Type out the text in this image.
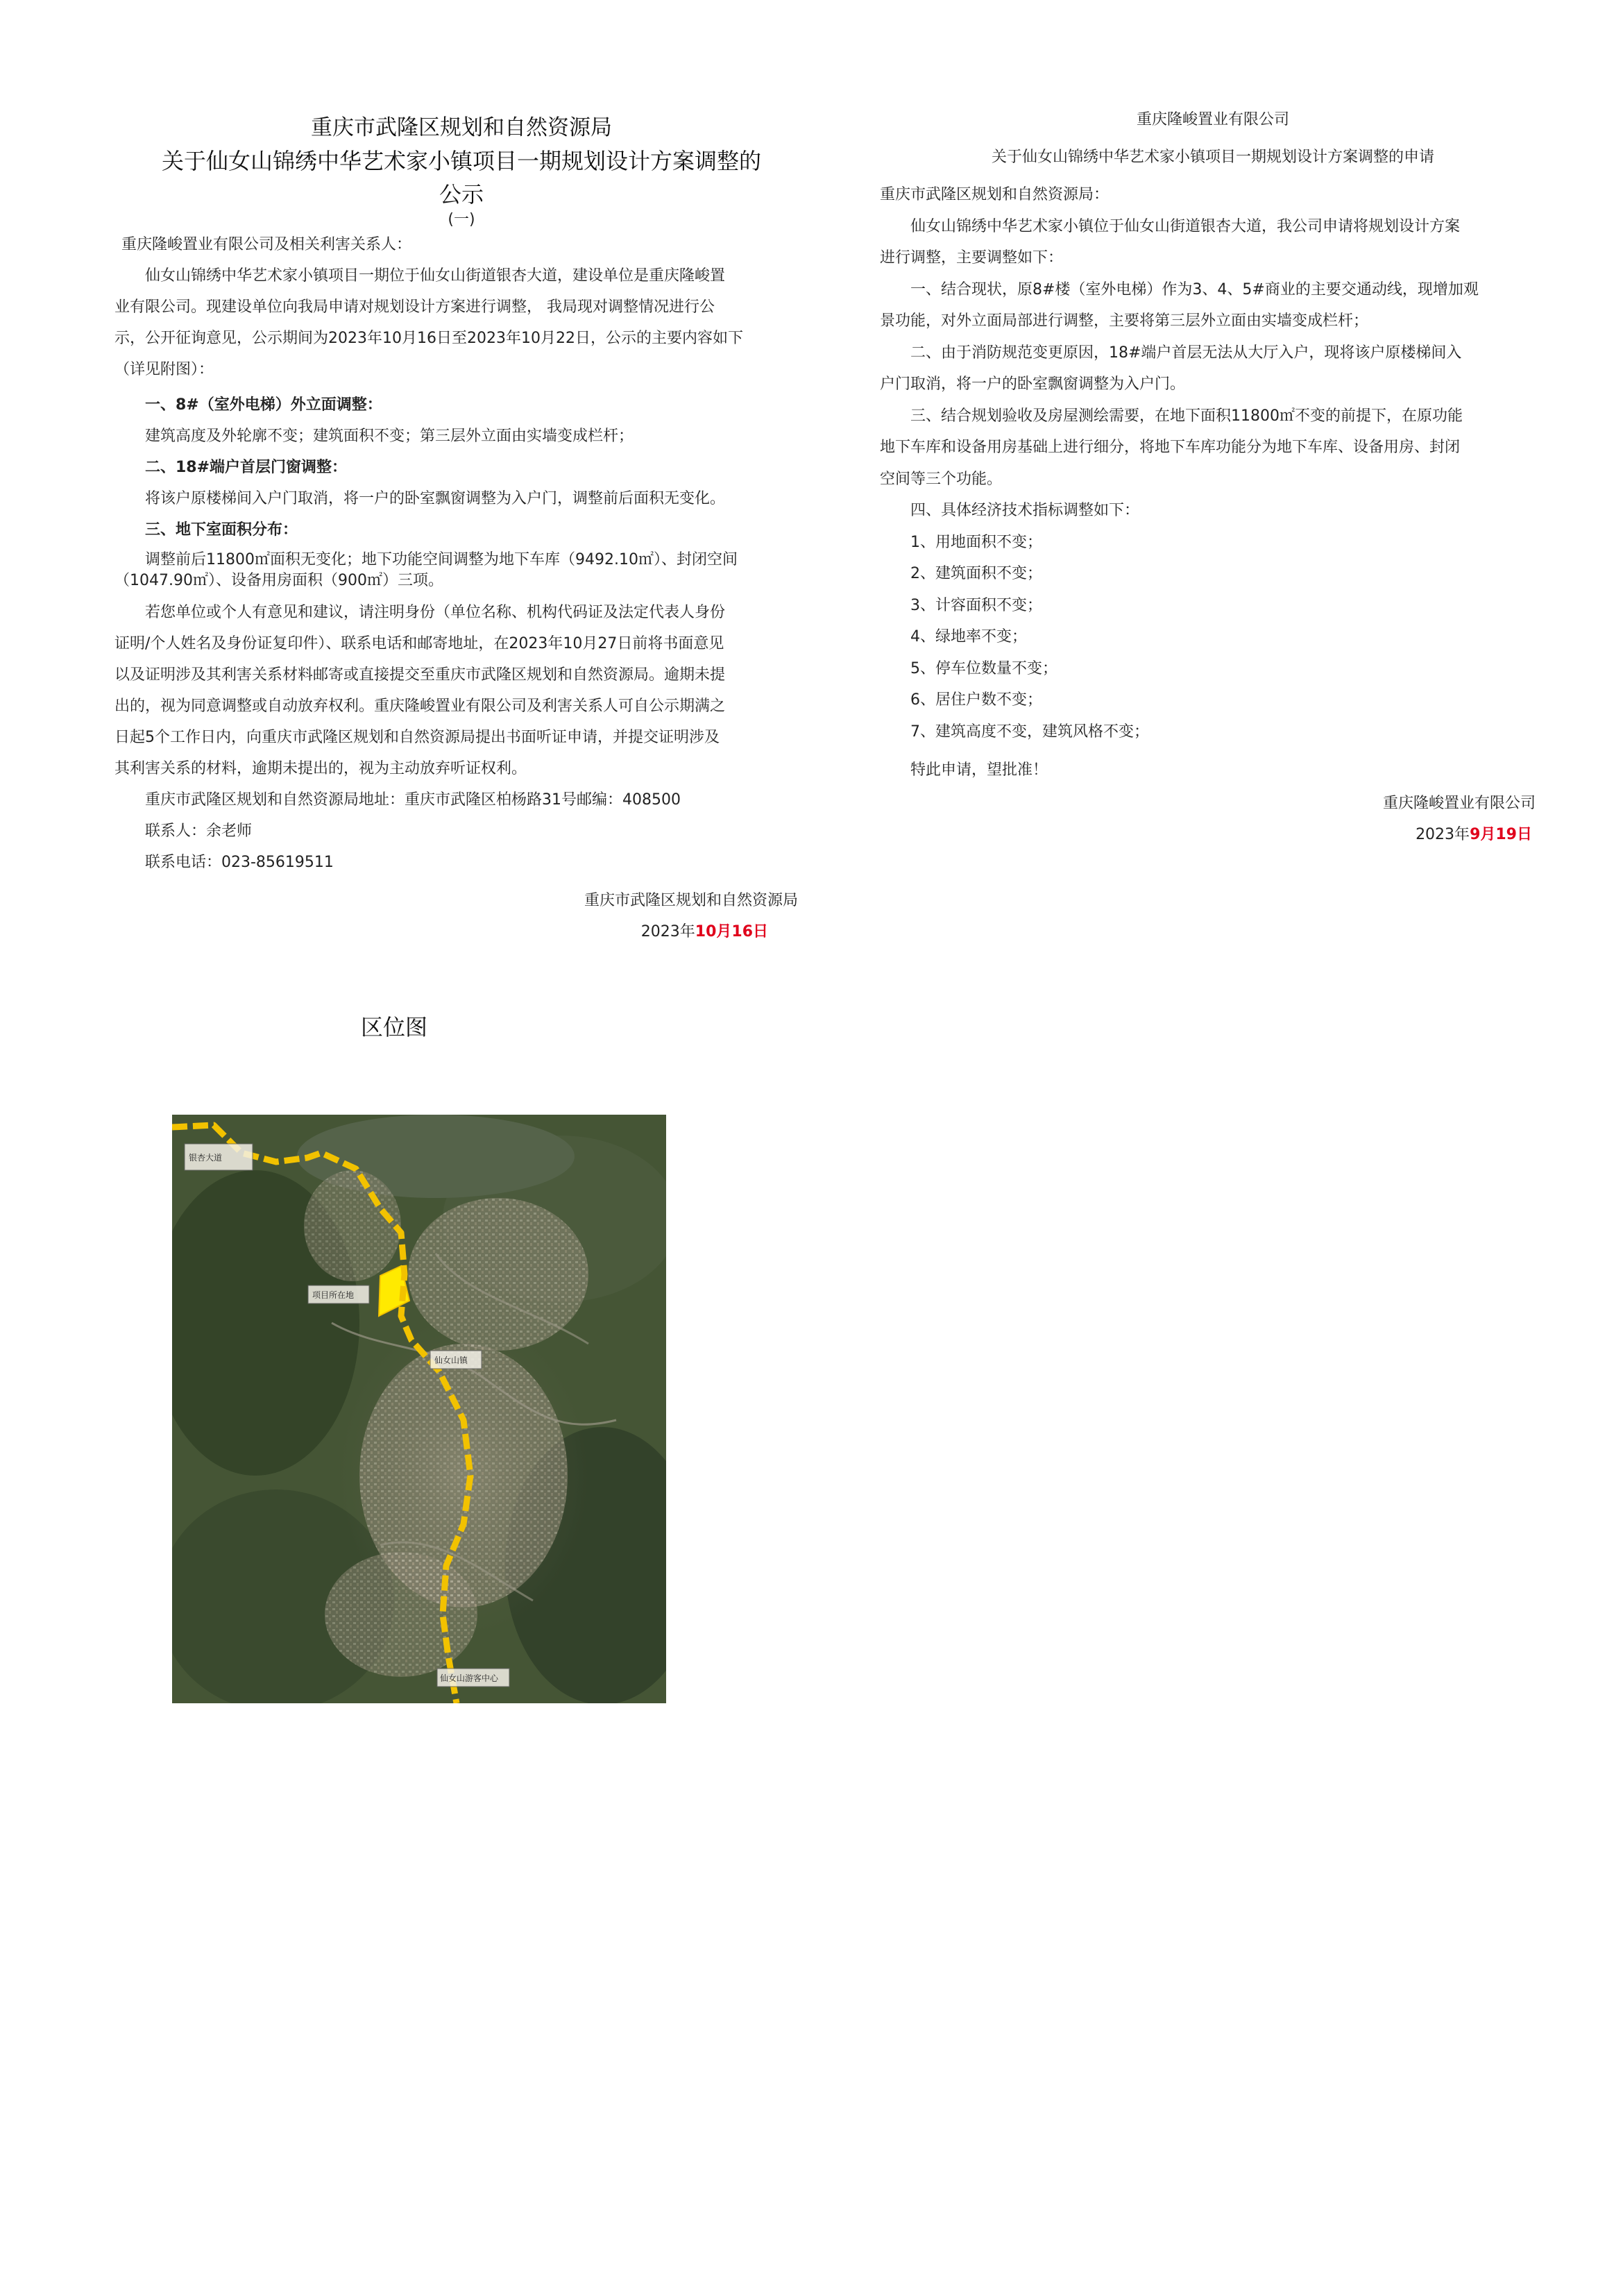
重庆市武隆区规划和自然资源局
关于仙女山锦绣中华艺术家小镇项目一期规划设计方案调整的
公示
(一)

重庆隆峻置业有限公司及相关利害关系人：

仙女山锦绣中华艺术家小镇项目一期位于仙女山街道银杏大道，建设单位是重庆隆峻置

业有限公司。现建设单位向我局申请对规划设计方案进行调整， 我局现对调整情况进行公

示，公开征询意见，公示期间为2023年10月16日至2023年10月22日，公示的主要内容如下

（详见附图）：

一、8#（室外电梯）外立面调整：

建筑高度及外轮廓不变；建筑面积不变；第三层外立面由实墙变成栏杆；

二、18#端户首层门窗调整：

将该户原楼梯间入户门取消，将一户的卧室飘窗调整为入户门，调整前后面积无变化。

三、地下室面积分布：

调整前后11800㎡面积无变化；地下功能空间调整为地下车库（9492.10㎡）、封闭空间

（1047.90㎡）、设备用房面积（900㎡）三项。

若您单位或个人有意见和建议，请注明身份（单位名称、机构代码证及法定代表人身份

证明/个人姓名及身份证复印件）、联系电话和邮寄地址，在2023年10月27日前将书面意见

以及证明涉及其利害关系材料邮寄或直接提交至重庆市武隆区规划和自然资源局。逾期未提

出的，视为同意调整或自动放弃权利。重庆隆峻置业有限公司及利害关系人可自公示期满之

日起5个工作日内，向重庆市武隆区规划和自然资源局提出书面听证申请，并提交证明涉及

其利害关系的材料，逾期未提出的，视为主动放弃听证权利。

重庆市武隆区规划和自然资源局地址：重庆市武隆区柏杨路31号邮编：408500

联系人：余老师

联系电话：023-85619511

重庆市武隆区规划和自然资源局
2023年10月16日
重庆隆峻置业有限公司
关于仙女山锦绣中华艺术家小镇项目一期规划设计方案调整的申请

重庆市武隆区规划和自然资源局：

仙女山锦绣中华艺术家小镇位于仙女山街道银杏大道，我公司申请将规划设计方案

进行调整，主要调整如下：

一、结合现状，原8#楼（室外电梯）作为3、4、5#商业的主要交通动线，现增加观

景功能，对外立面局部进行调整，主要将第三层外立面由实墙变成栏杆；

二、由于消防规范变更原因，18#端户首层无法从大厅入户，现将该户原楼梯间入

户门取消，将一户的卧室飘窗调整为入户门。

三、结合规划验收及房屋测绘需要，在地下面积11800㎡不变的前提下，在原功能

地下车库和设备用房基础上进行细分，将地下车库功能分为地下车库、设备用房、封闭

空间等三个功能。

四、具体经济技术指标调整如下：

1、用地面积不变；

2、建筑面积不变；

3、计容面积不变；

4、绿地率不变；

5、停车位数量不变；

6、居住户数不变；

7、建筑高度不变，建筑风格不变；

特此申请，望批准！

重庆隆峻置业有限公司
2023年9月19日
区位图
银杏大道
项目所在地
仙女山镇
仙女山游客中心
